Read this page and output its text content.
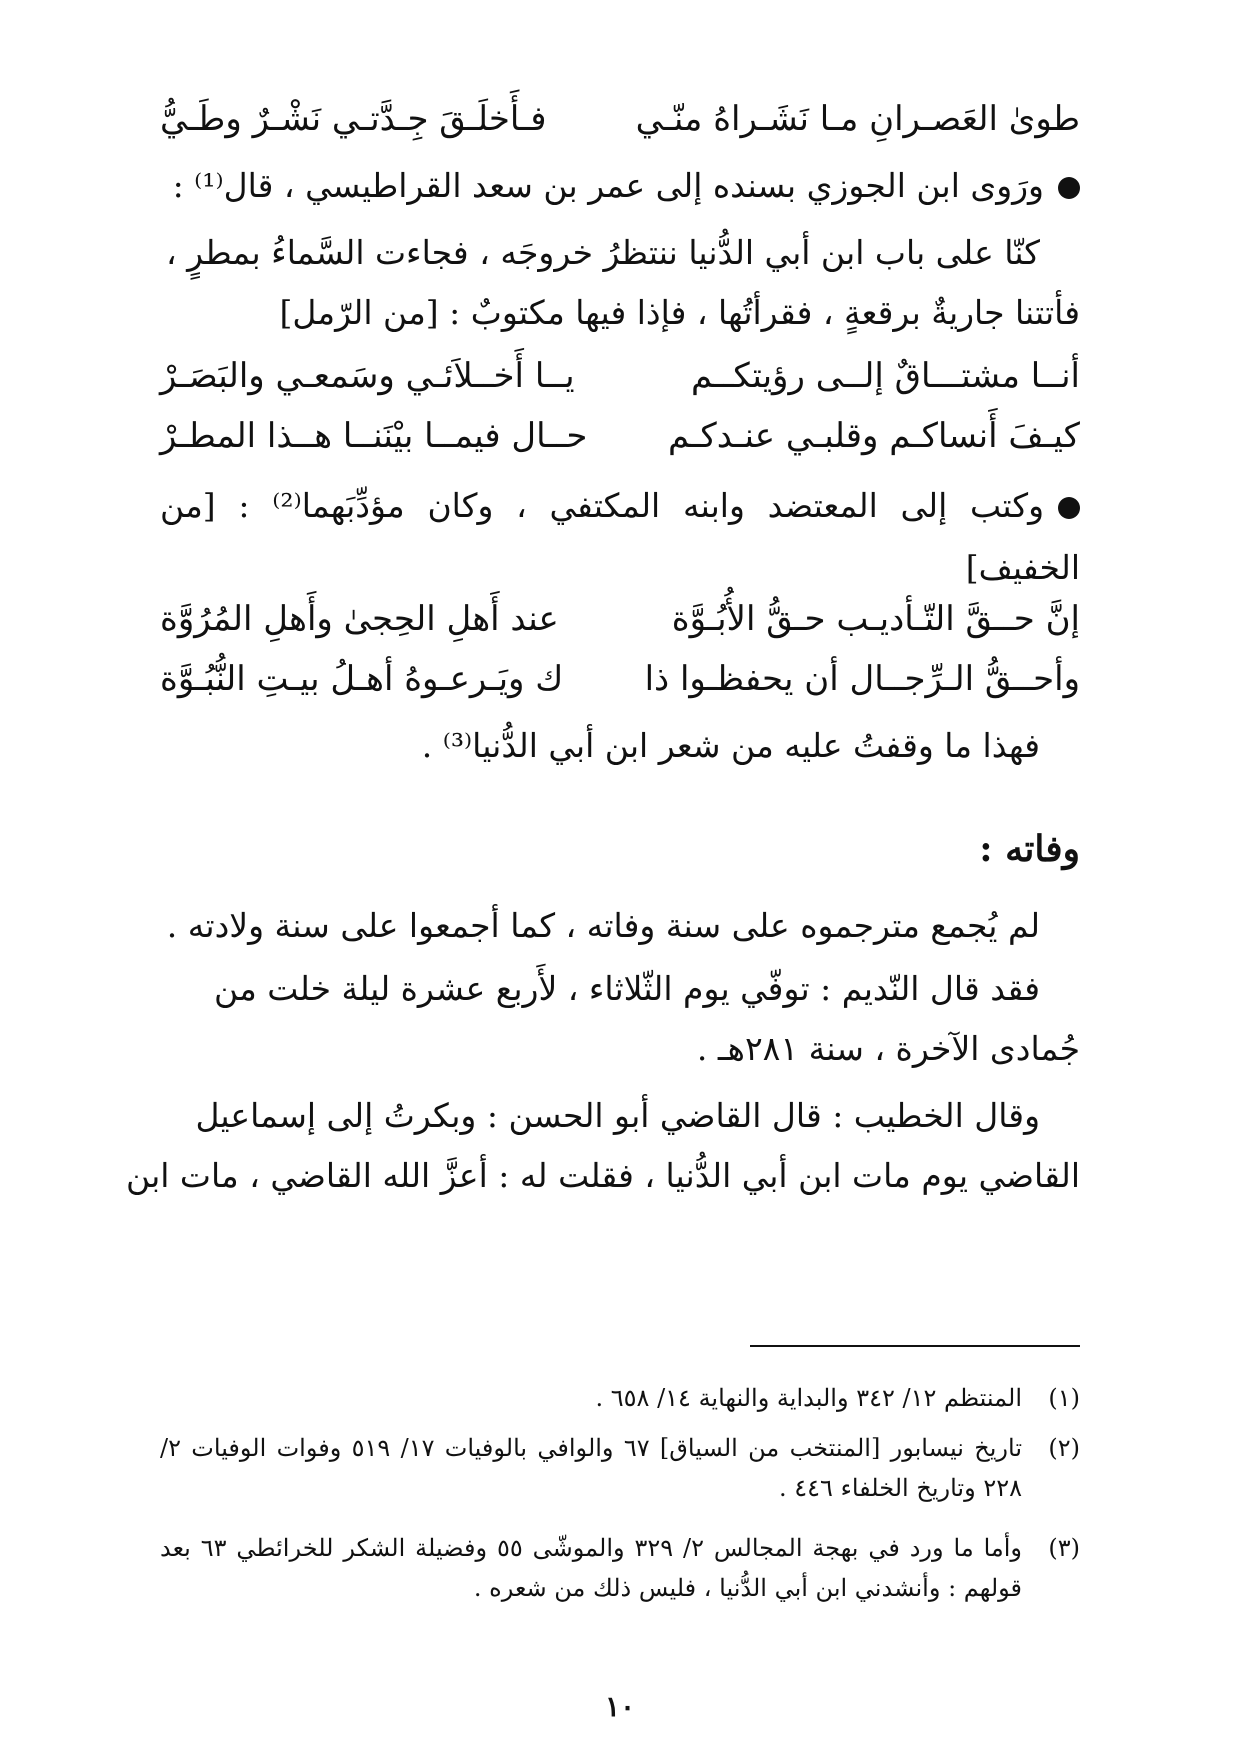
طوىٰ العَصـرانِ مـا نَشَـراهُ منّـي
فـأَخلَـقَ جِـدَّتـي نَشْـرٌ وطَـيُّ
ورَوى ابن الجوزي بسنده إلى عمر بن سعد القراطيسي ، قال⁽¹⁾ :
كنّا على باب ابن أبي الدُّنيا ننتظرُ خروجَه ، فجاءت السَّماءُ بمطرٍ ،
فأتتنا جاريةٌ برقعةٍ ، فقرأتُها ، فإذا فيها مكتوبٌ : [من الرّمل]
أنــا مشتـــاقٌ إلــى رؤيتكــم
يــا أَخــلاَئـي وسَمعـي والبَصَـرْ
كيـفَ أَنساكـم وقلبـي عنـدكـم
حــال فيمــا بيْنَنــا هــذا المطـرْ
وكتب إلى المعتضد وابنه المكتفي ، وكان مؤدِّبَهما⁽²⁾ : [من الخفيف]
إنَّ حــقَّ التّـأديـب حـقُّ الأُبُـوَّة
عند أَهلِ الحِجىٰ وأَهلِ المُرُوَّة
وأحــقُّ الـرِّجــال أن يحفظـوا ذا
ك ويَـرعـوهُ أهـلُ بيـتِ النُّبُـوَّة
فهذا ما وقفتُ عليه من شعر ابن أبي الدُّنيا⁽³⁾ .
وفاته :
لم يُجمع مترجموه على سنة وفاته ، كما أجمعوا على سنة ولادته .
فقد قال النّديم : توفّي يوم الثّلاثاء ، لأَربع عشرة ليلة خلت من
جُمادى الآخرة ، سنة ٢٨١هـ .
وقال الخطيب : قال القاضي أبو الحسن : وبكرتُ إلى إسماعيل
القاضي يوم مات ابن أبي الدُّنيا ، فقلت له : أعزَّ الله القاضي ، مات ابن
(١)
المنتظم ١٢/ ٣٤٢ والبداية والنهاية ١٤/ ٦٥٨ .
(٢)
تاريخ نيسابور [المنتخب من السياق] ٦٧ والوافي بالوفيات ١٧/ ٥١٩ وفوات الوفيات ٢/ ٢٢٨ وتاريخ الخلفاء ٤٤٦ .
(٣)
وأما ما ورد في بهجة المجالس ٢/ ٣٢٩ والموشّى ٥٥ وفضيلة الشكر للخرائطي ٦٣ بعد قولهم : وأنشدني ابن أبي الدُّنيا ، فليس ذلك من شعره .
١٠
